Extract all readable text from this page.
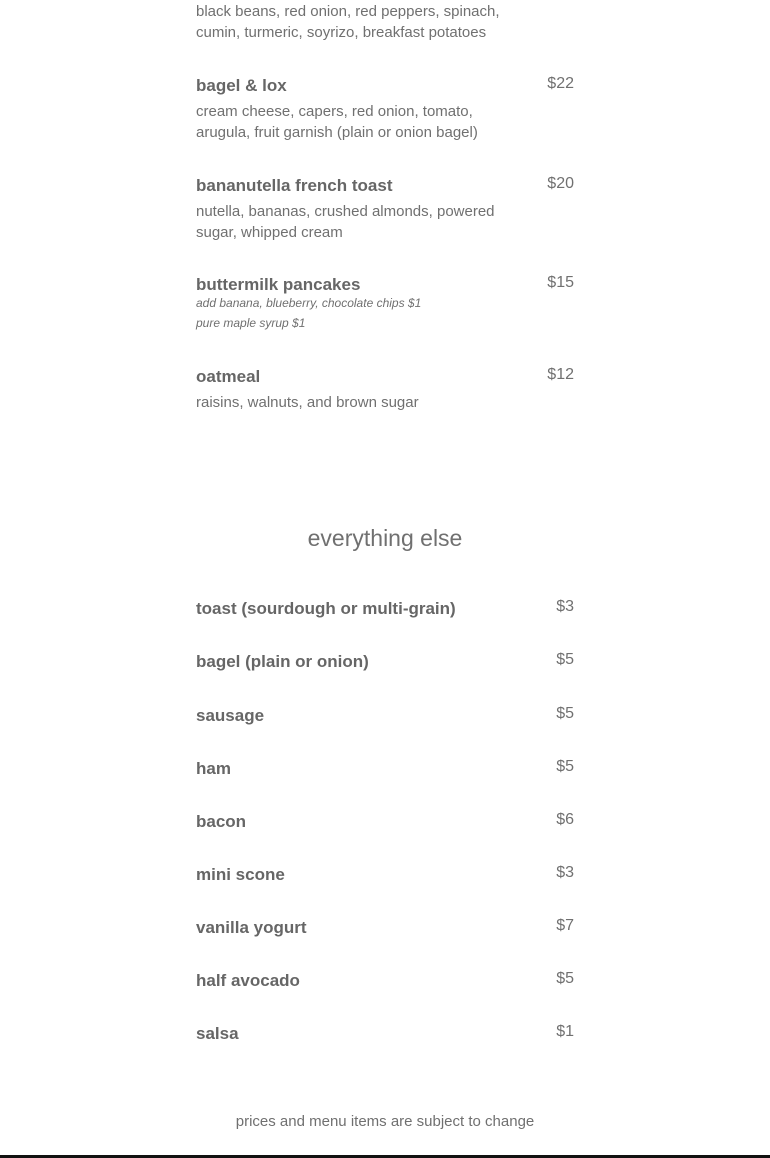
black beans, red onion, red peppers, spinach, cumin, turmeric, soyrizo, breakfast potatoes
bagel & lox	$22
cream cheese, capers, red onion, tomato, arugula, fruit garnish (plain or onion bagel)
bananutella french toast	$20
nutella, bananas, crushed almonds, powered sugar, whipped cream
buttermilk pancakes	$15
add banana, blueberry, chocolate chips $1
pure maple syrup $1
oatmeal	$12
raisins, walnuts, and brown sugar
toast (sourdough or multi-grain)	$3
bagel (plain or onion)	$5
sausage	$5
ham	$5
bacon	$6
mini scone	$3
vanilla yogurt	$7
half avocado	$5
salsa	$1
everything else
prices and menu items are subject to change
